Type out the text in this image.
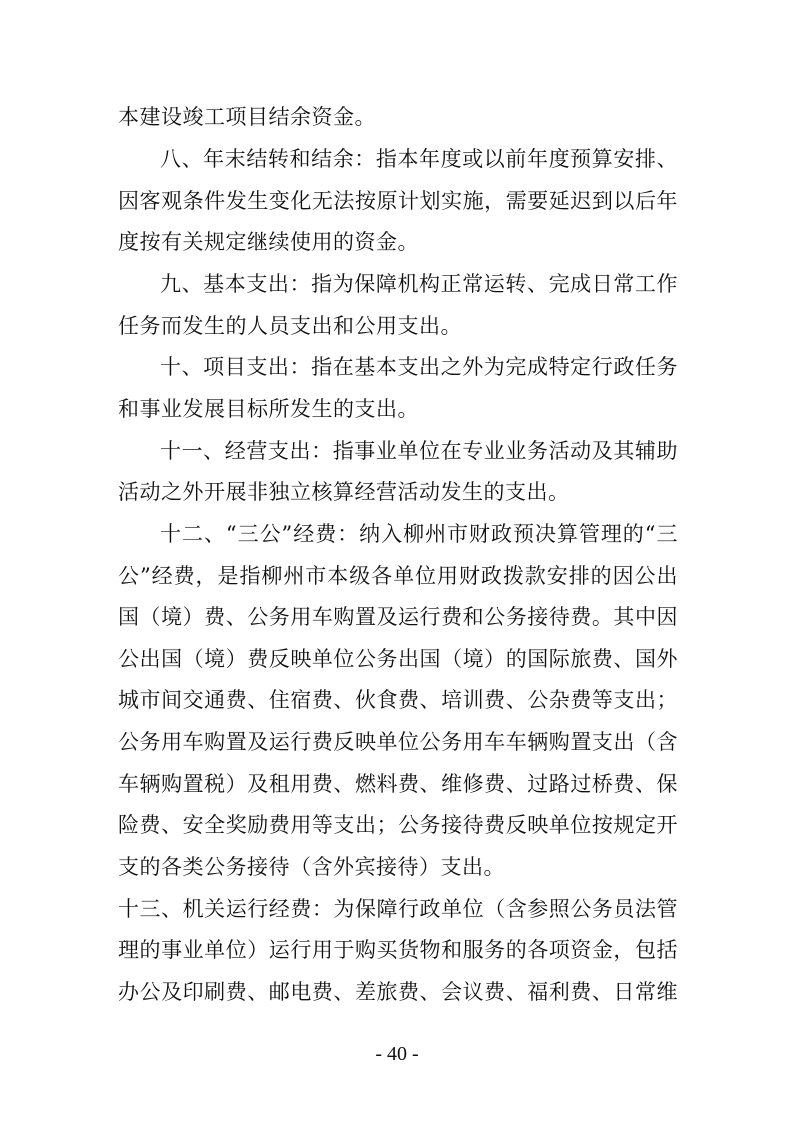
本建设竣工项目结余资金。
八、年末结转和结余：指本年度或以前年度预算安排、
因客观条件发生变化无法按原计划实施，需要延迟到以后年
度按有关规定继续使用的资金。
九、基本支出：指为保障机构正常运转、完成日常工作
任务而发生的人员支出和公用支出。
十、项目支出：指在基本支出之外为完成特定行政任务
和事业发展目标所发生的支出。
十一、经营支出：指事业单位在专业业务活动及其辅助
活动之外开展非独立核算经营活动发生的支出。
十二、“三公”经费：纳入柳州市财政预决算管理的“三
公”经费，是指柳州市本级各单位用财政拨款安排的因公出
国（境）费、公务用车购置及运行费和公务接待费。其中因
公出国（境）费反映单位公务出国（境）的国际旅费、国外
城市间交通费、住宿费、伙食费、培训费、公杂费等支出；
公务用车购置及运行费反映单位公务用车车辆购置支出（含
车辆购置税）及租用费、燃料费、维修费、过路过桥费、保
险费、安全奖励费用等支出；公务接待费反映单位按规定开
支的各类公务接待（含外宾接待）支出。
十三、机关运行经费：为保障行政单位（含参照公务员法管
理的事业单位）运行用于购买货物和服务的各项资金，包括
办公及印刷费、邮电费、差旅费、会议费、福利费、日常维
- 40 -
